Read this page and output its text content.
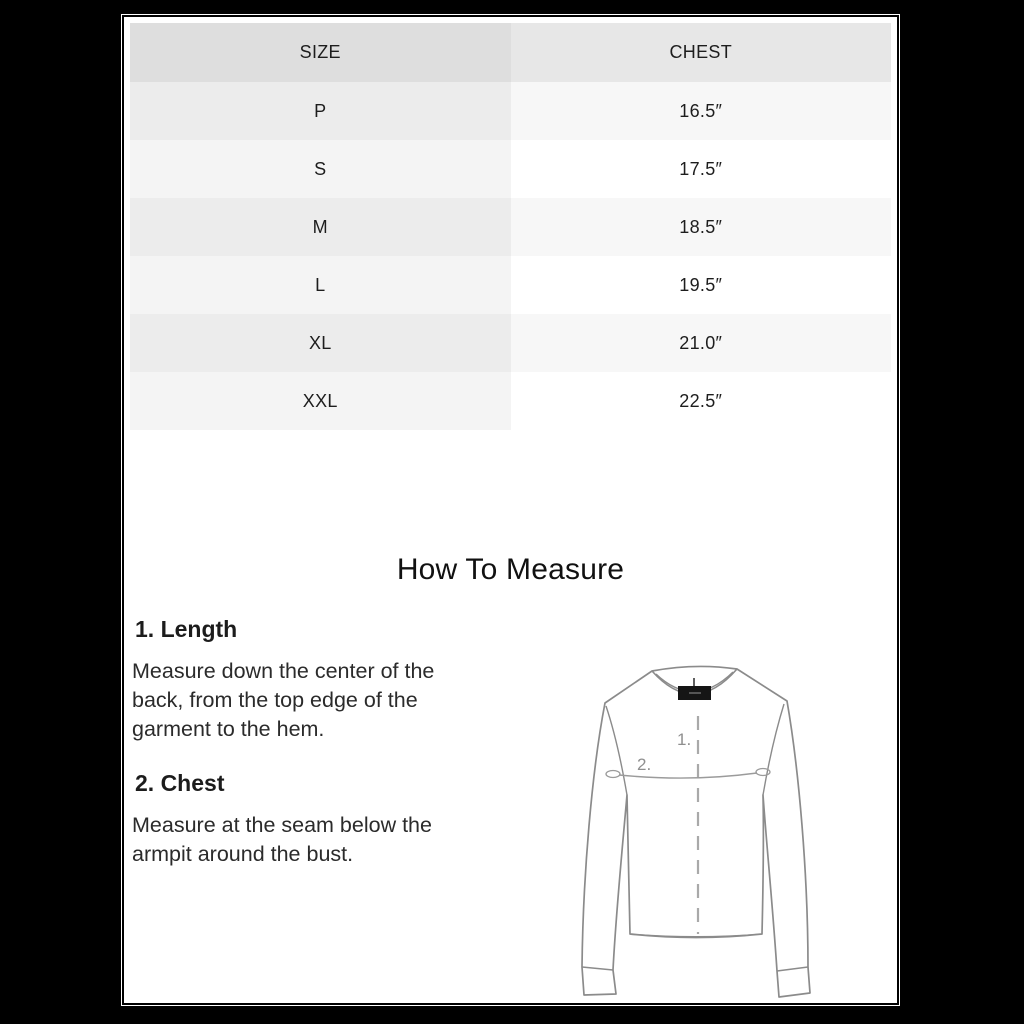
SIZE	CHEST
P	16.5″
S	17.5″
M	18.5″
L	19.5″
XL	21.0″
XXL	22.5″
How To Measure
1. Length
Measure down the center of the back, from the top edge of the garment to the hem.
2. Chest
Measure at the seam below the armpit around the bust.
1.
2.
